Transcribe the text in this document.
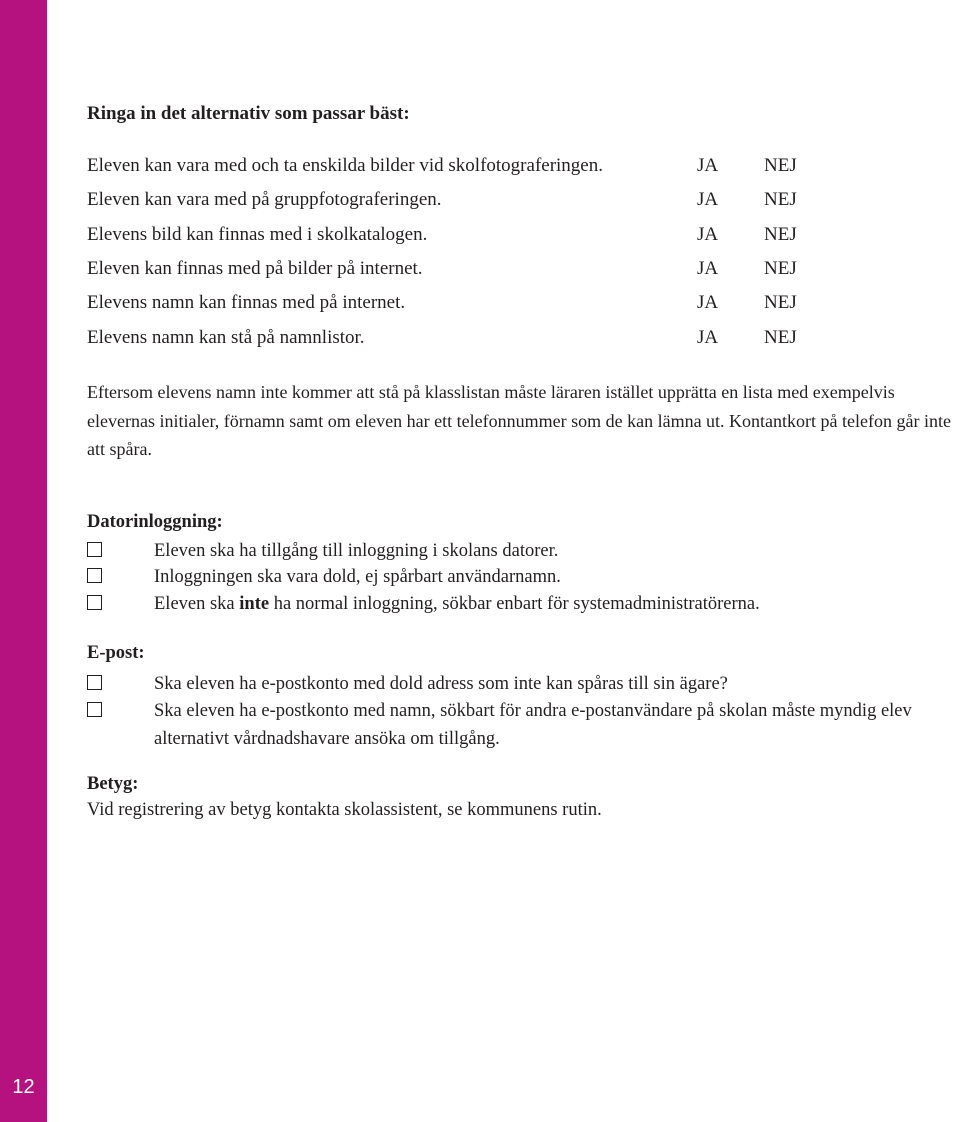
12
Ringa in det alternativ som passar bäst:
Eleven kan vara med och ta enskilda bilder vid skolfotograferingen.	JA NEJ
Eleven kan vara med på gruppfotograferingen.	JA NEJ
Elevens bild kan finnas med i skolkatalogen.	JA NEJ
Eleven kan finnas med på bilder på internet.	JA NEJ
Elevens namn kan finnas med på internet.	JA NEJ
Elevens namn kan stå på namnlistor.	JA NEJ

Eftersom elevens namn inte kommer att stå på klasslistan måste läraren istället upprätta en lista med exempelvis elevernas initialer, förnamn samt om eleven har ett telefonnummer som de kan lämna ut. Kontantkort på telefon går inte att spåra.

Datorinloggning:
Eleven ska ha tillgång till inloggning i skolans datorer.
Inloggningen ska vara dold, ej spårbart användarnamn.
Eleven ska inte ha normal inloggning, sökbar enbart för systemadministratörerna.
E-post:
Ska eleven ha e-postkonto med dold adress som inte kan spåras till sin ägare?
Ska eleven ha e-postkonto med namn, sökbart för andra e-postanvändare på skolan måste myndig elev alternativt vårdnadshavare ansöka om tillgång.
Betyg:
Vid registrering av betyg kontakta skolassistent, se kommunens rutin.
